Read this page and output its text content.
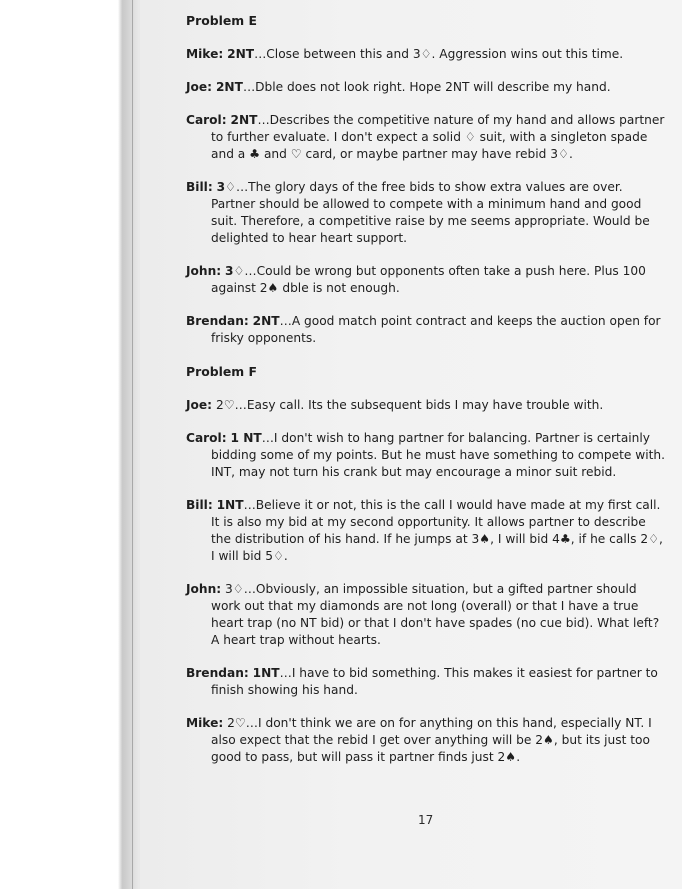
Problem E

Mike: 2NT…Close between this and 3♢. Aggression wins out this time.

Joe: 2NT…Dble does not look right. Hope 2NT will describe my hand.

Carol: 2NT…Describes the competitive nature of my hand and allows partner to further evaluate. I don't expect a solid ♢ suit, with a singleton spade and a ♣ and ♡ card, or maybe partner may have rebid 3♢.

Bill: 3♢…The glory days of the free bids to show extra values are over. Partner should be allowed to compete with a minimum hand and good suit. Therefore, a competitive raise by me seems appropriate. Would be delighted to hear heart support.

John: 3♢…Could be wrong but opponents often take a push here. Plus 100 against 2♠ dble is not enough.

Brendan: 2NT…A good match point contract and keeps the auction open for frisky opponents.

Problem F

Joe: 2♡…Easy call. Its the subsequent bids I may have trouble with.

Carol: 1 NT…I don't wish to hang partner for balancing. Partner is certainly bidding some of my points. But he must have something to compete with. INT, may not turn his crank but may encourage a minor suit rebid.

Bill: 1NT…Believe it or not, this is the call I would have made at my first call. It is also my bid at my second opportunity. It allows partner to describe the distribution of his hand. If he jumps at 3♠, I will bid 4♣, if he calls 2♢, I will bid 5♢.

John: 3♢…Obviously, an impossible situation, but a gifted partner should work out that my diamonds are not long (overall) or that I have a true heart trap (no NT bid) or that I don't have spades (no cue bid). What left? A heart trap without hearts.

Brendan: 1NT…I have to bid something. This makes it easiest for partner to finish showing his hand.

Mike: 2♡…I don't think we are on for anything on this hand, especially NT. I also expect that the rebid I get over anything will be 2♠, but its just too good to pass, but will pass it partner finds just 2♠.

17
